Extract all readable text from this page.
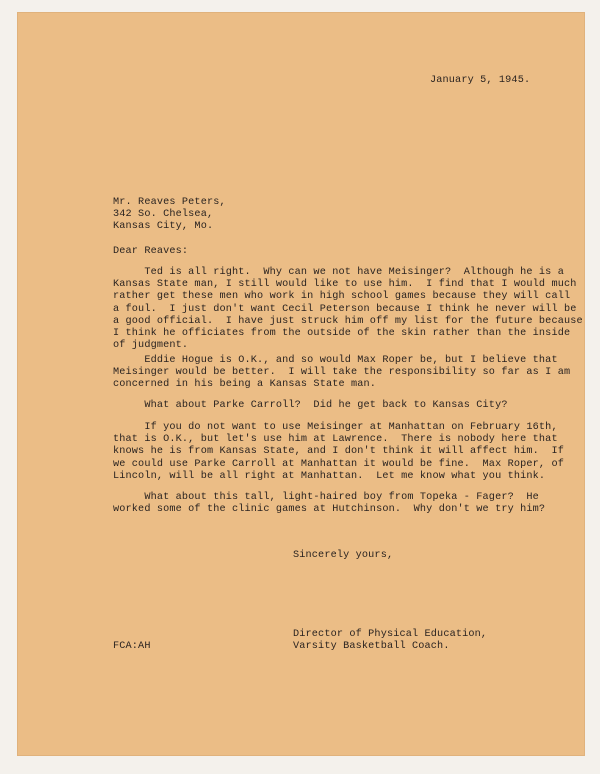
January 5, 1945.
Mr. Reaves Peters,
342 So. Chelsea,
Kansas City, Mo.
Dear Reaves:
Ted is all right.  Why can we not have Meisinger?  Although he is a
Kansas State man, I still would like to use him.  I find that I would much
rather get these men who work in high school games because they will call
a foul.  I just don't want Cecil Peterson because I think he never will be
a good official.  I have just struck him off my list for the future because
I think he officiates from the outside of the skin rather than the inside
of judgment.
Eddie Hogue is O.K., and so would Max Roper be, but I believe that
Meisinger would be better.  I will take the responsibility so far as I am
concerned in his being a Kansas State man.
What about Parke Carroll?  Did he get back to Kansas City?
If you do not want to use Meisinger at Manhattan on February 16th,
that is O.K., but let's use him at Lawrence.  There is nobody here that
knows he is from Kansas State, and I don't think it will affect him.  If
we could use Parke Carroll at Manhattan it would be fine.  Max Roper, of
Lincoln, will be all right at Manhattan.  Let me know what you think.
What about this tall, light-haired boy from Topeka - Fager?  He
worked some of the clinic games at Hutchinson.  Why don't we try him?
Sincerely yours,
Director of Physical Education,
Varsity Basketball Coach.
FCA:AH
